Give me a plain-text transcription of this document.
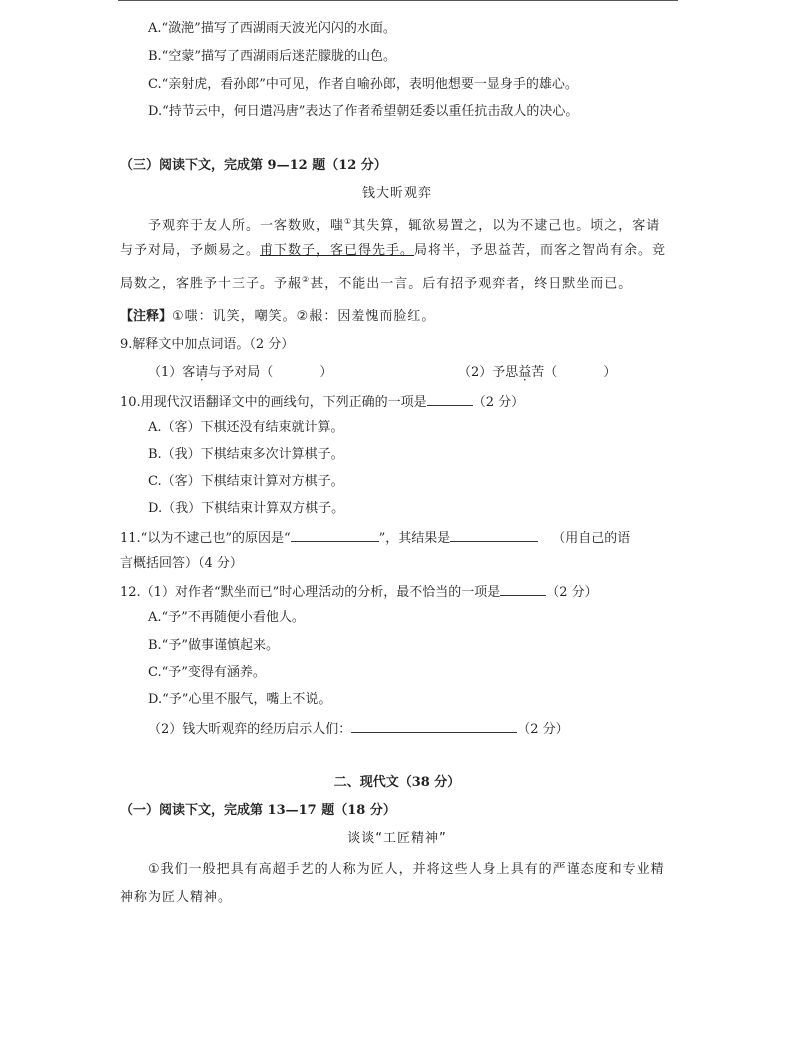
A.“潋滟”描写了西湖雨天波光闪闪的水面。
B.“空蒙”描写了西湖雨后迷茫朦胧的山色。
C.“亲射虎，看孙郎”中可见，作者自喻孙郎，表明他想要一显身手的雄心。
D.“持节云中，何日遣冯唐”表达了作者希望朝廷委以重任抗击敌人的决心。
（三）阅读下文，完成第 9—12 题（12 分）
钱大昕观弈
予观弈于友人所。一客数败，嗤①其失算，辄欲易置之，以为不逮己也。顷之，客请
与予对局，予颇易之。甫下数子，客已得先手。局将半，予思益苦，而客之智尚有余。竞
局数之，客胜予十三子。予赧②甚，不能出一言。后有招予观弈者，终日默坐而已。
【注释】①嗤：讥笑，嘲笑。②赧：因羞愧而脸红。
9.解释文中加点词语。（2 分）
（1）客请与予对局（	）	（2）予思益苦（	）
10.用现代汉语翻译文中的画线句，下列正确的一项是	（2 分）
A.（客）下棋还没有结束就计算。
B.（我）下棋结束多次计算棋子。
C.（客）下棋结束计算对方棋子。
D.（我）下棋结束计算双方棋子。
11.“以为不逮己也”的原因是“	”，其结果是	（用自己的语
言概括回答）（4 分）
12.（1）对作者“默坐而已”时心理活动的分析，最不恰当的一项是	（2 分）
A.“予”不再随便小看他人。
B.“予”做事谨慎起来。
C.“予”变得有涵养。
D.“予”心里不服气，嘴上不说。
（2）钱大昕观弈的经历启示人们：	（2 分）
二、现代文（38 分）
（一）阅读下文，完成第 13—17 题（18 分）
谈谈“工匠精神”
①我们一般把具有高超手艺的人称为匠人，并将这些人身上具有的严谨态度和专业精
神称为匠人精神。
